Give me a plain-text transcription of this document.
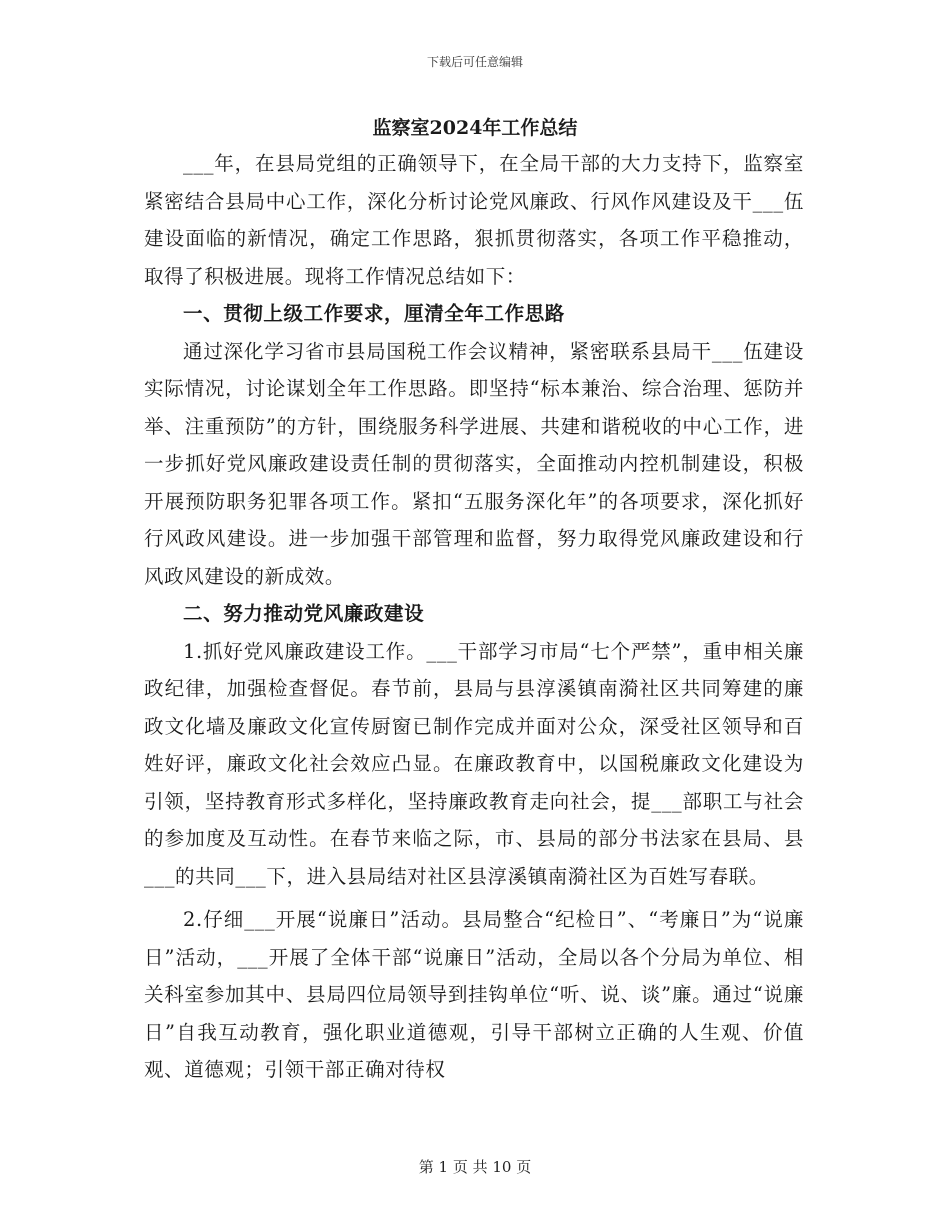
下载后可任意编辑
监察室2024年工作总结

___年，在县局党组的正确领导下，在全局干部的大力支持下，监察室紧密结合县局中心工作，深化分析讨论党风廉政、行风作风建设及干___伍建设面临的新情况，确定工作思路，狠抓贯彻落实，各项工作平稳推动，取得了积极进展。现将工作情况总结如下：

一、贯彻上级工作要求，厘清全年工作思路

通过深化学习省市县局国税工作会议精神，紧密联系县局干___伍建设实际情况，讨论谋划全年工作思路。即坚持“标本兼治、综合治理、惩防并举、注重预防”的方针，围绕服务科学进展、共建和谐税收的中心工作，进一步抓好党风廉政建设责任制的贯彻落实，全面推动内控机制建设，积极开展预防职务犯罪各项工作。紧扣“五服务深化年”的各项要求，深化抓好行风政风建设。进一步加强干部管理和监督，努力取得党风廉政建设和行风政风建设的新成效。

二、努力推动党风廉政建设

1.抓好党风廉政建设工作。___干部学习市局“七个严禁”，重申相关廉政纪律，加强检查督促。春节前，县局与县淳溪镇南漪社区共同筹建的廉政文化墙及廉政文化宣传厨窗已制作完成并面对公众，深受社区领导和百姓好评，廉政文化社会效应凸显。在廉政教育中，以国税廉政文化建设为引领，坚持教育形式多样化，坚持廉政教育走向社会，提___部职工与社会的参加度及互动性。在春节来临之际，市、县局的部分书法家在县局、县___的共同___下，进入县局结对社区县淳溪镇南漪社区为百姓写春联。

2.仔细___开展“说廉日”活动。县局整合“纪检日”、“考廉日”为“说廉日”活动，___开展了全体干部“说廉日”活动，全局以各个分局为单位、相关科室参加其中、县局四位局领导到挂钩单位“听、说、谈”廉。通过“说廉日”自我互动教育，强化职业道德观，引导干部树立正确的人生观、价值观、道德观；引领干部正确对待权

第 1 页 共 10 页
